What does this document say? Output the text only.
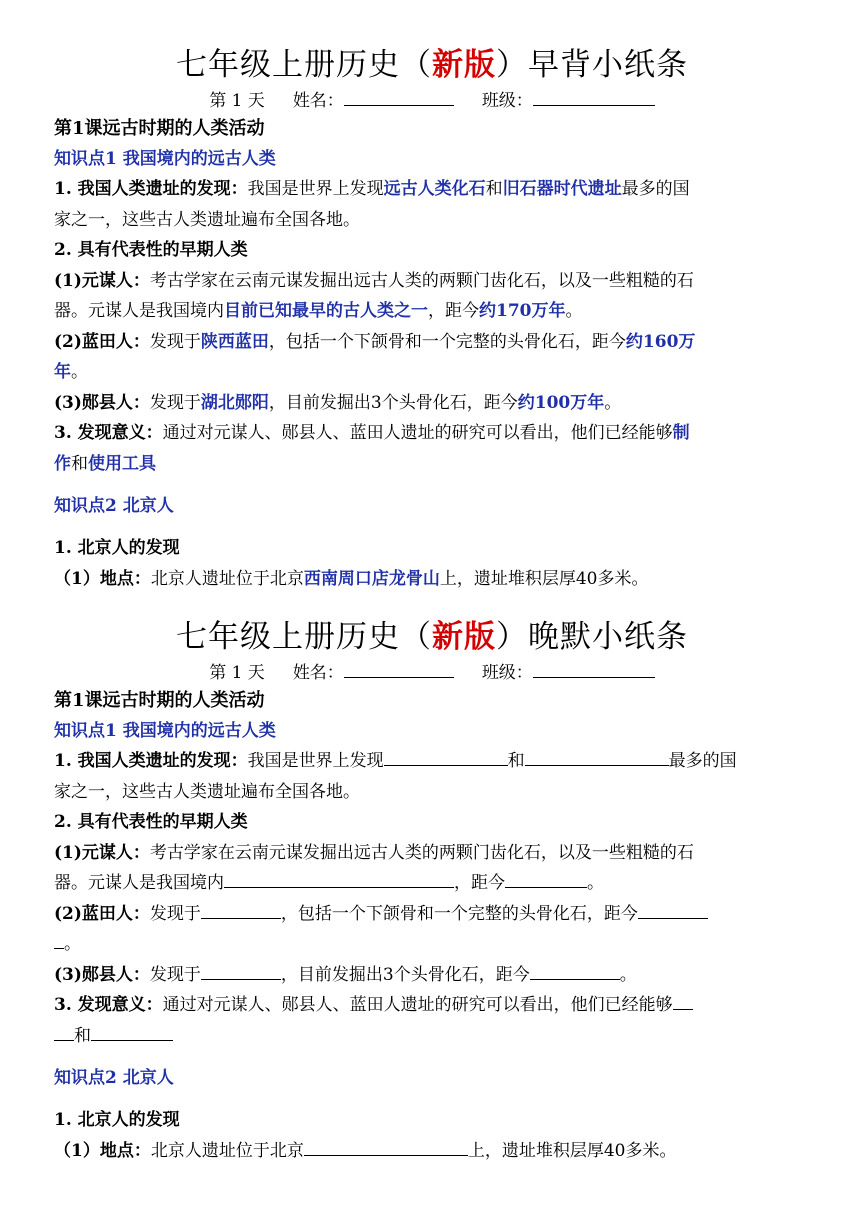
七年级上册历史（新版）早背小纸条
第 1 天 姓名：	班级：
第1课远古时期的人类活动
知识点1 我国境内的远古人类
1. 我国人类遗址的发现：我国是世界上发现远古人类化石和旧石器时代遗址最多的国
家之一，这些古人类遗址遍布全国各地。
2. 具有代表性的早期人类
(1)元谋人：考古学家在云南元谋发掘出远古人类的两颗门齿化石，以及一些粗糙的石
器。元谋人是我国境内目前已知最早的古人类之一，距今约170万年。
(2)蓝田人：发现于陕西蓝田，包括一个下颌骨和一个完整的头骨化石，距今约160万
年。
(3)郧县人：发现于湖北郧阳，目前发掘出3个头骨化石，距今约100万年。
3. 发现意义：通过对元谋人、郧县人、蓝田人遗址的研究可以看出，他们已经能够制
作和使用工具
知识点2 北京人
1. 北京人的发现
（1）地点：北京人遗址位于北京西南周口店龙骨山上，遗址堆积层厚40多米。
七年级上册历史（新版）晚默小纸条
第 1 天 姓名：	班级：
第1课远古时期的人类活动
知识点1 我国境内的远古人类
1. 我国人类遗址的发现：我国是世界上发现	和	最多的国
家之一，这些古人类遗址遍布全国各地。
2. 具有代表性的早期人类
(1)元谋人：考古学家在云南元谋发掘出远古人类的两颗门齿化石，以及一些粗糙的石
器。元谋人是我国境内	，距今	。
(2)蓝田人：发现于	，包括一个下颌骨和一个完整的头骨化石，距今
。
(3)郧县人：发现于	，目前发掘出3个头骨化石，距今	。
3. 发现意义：通过对元谋人、郧县人、蓝田人遗址的研究可以看出，他们已经能够
和
知识点2 北京人
1. 北京人的发现
（1）地点：北京人遗址位于北京	上，遗址堆积层厚40多米。
